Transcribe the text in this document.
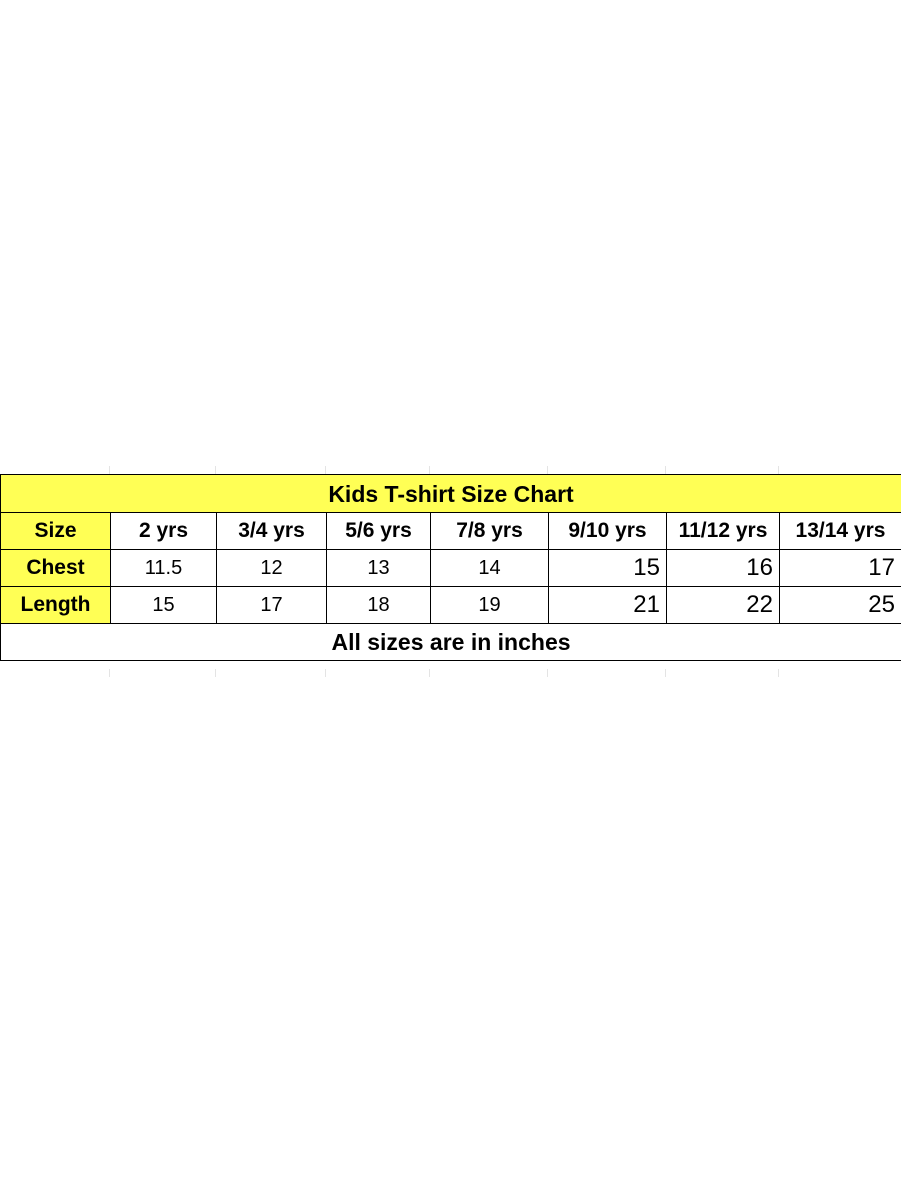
Kids T-shirt Size Chart							
Size	2 yrs	3/4 yrs	5/6 yrs	7/8 yrs	9/10 yrs	11/12 yrs	13/14 yrs
Chest	11.5	12	13	14	15	16	17
Length	15	17	18	19	21	22	25
All sizes are in inches							
